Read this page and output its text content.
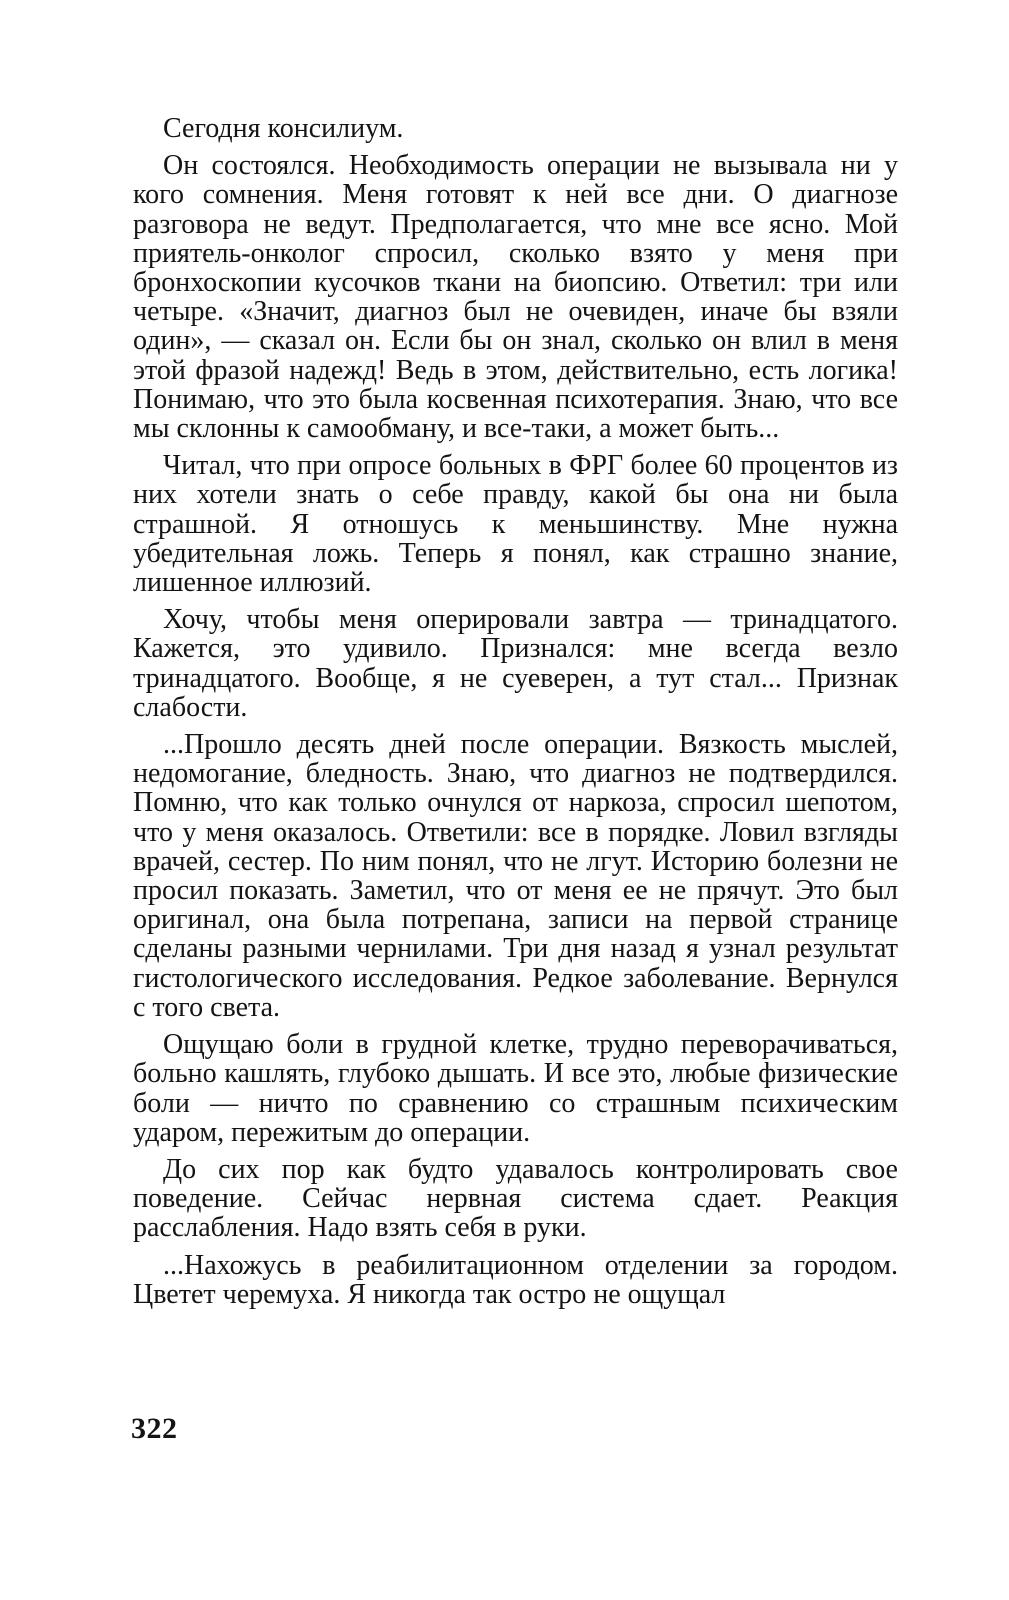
Сегодня консилиум.

Он состоялся. Необходимость операции не вызывала ни у кого сомнения. Меня готовят к ней все дни. О диагнозе разговора не ведут. Предполагается, что мне все ясно. Мой приятель-онколог спросил, сколько взято у меня при бронхоскопии кусочков ткани на биопсию. Ответил: три или четыре. «Значит, диагноз был не очевиден, иначе бы взяли один», — сказал он. Если бы он знал, сколько он влил в меня этой фразой надежд! Ведь в этом, действительно, есть логика! Понимаю, что это была косвенная психотерапия. Знаю, что все мы склонны к самообману, и все-таки, а может быть...

Читал, что при опросе больных в ФРГ более 60 процентов из них хотели знать о себе правду, какой бы она ни была страшной. Я отношусь к меньшинству. Мне нужна убедительная ложь. Теперь я понял, как страшно знание, лишенное иллюзий.

Хочу, чтобы меня оперировали завтра — тринадцатого. Кажется, это удивило. Признался: мне всегда везло тринадцатого. Вообще, я не суеверен, а тут стал... Признак слабости.

...Прошло десять дней после операции. Вязкость мыслей, недомогание, бледность. Знаю, что диагноз не подтвердился. Помню, что как только очнулся от наркоза, спросил шепотом, что у меня оказалось. Ответили: все в порядке. Ловил взгляды врачей, сестер. По ним понял, что не лгут. Историю болезни не просил показать. Заметил, что от меня ее не прячут. Это был оригинал, она была потрепана, записи на первой странице сделаны разными чернилами. Три дня назад я узнал результат гистологического исследования. Редкое заболевание. Вернулся с того света.

Ощущаю боли в грудной клетке, трудно переворачиваться, больно кашлять, глубоко дышать. И все это, любые физические боли — ничто по сравнению со страшным психическим ударом, пережитым до операции.

До сих пор как будто удавалось контролировать свое поведение. Сейчас нервная система сдает. Реакция расслабления. Надо взять себя в руки.

...Нахожусь в реабилитационном отделении за городом. Цветет черемуха. Я никогда так остро не ощущал

322
